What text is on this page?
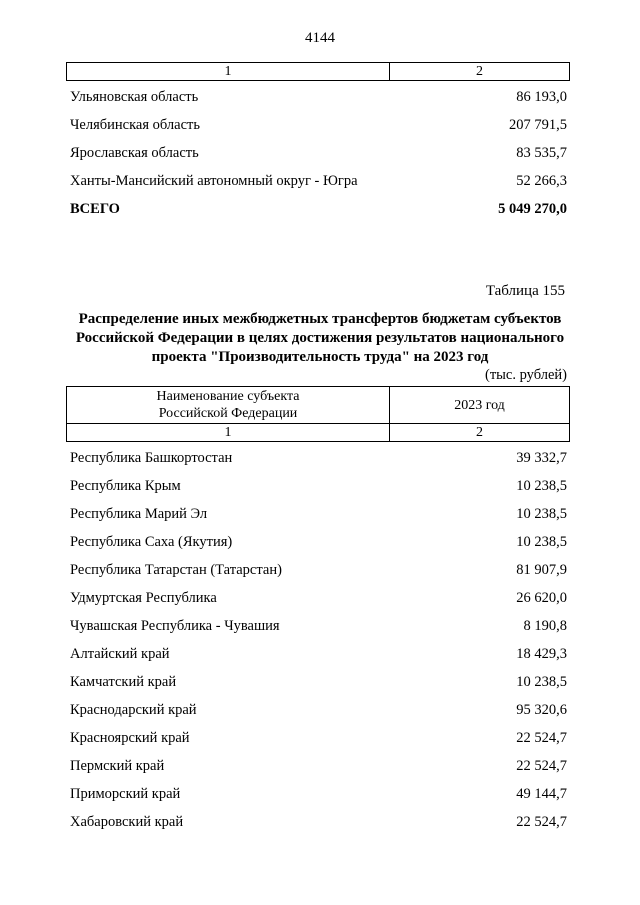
4144
1	2
Ульяновская область	86 193,0
Челябинская область	207 791,5
Ярославская область	83 535,7
Ханты-Мансийский автономный округ - Югра	52 266,3
ВСЕГО	5 049 270,0
Таблица 155
Распределение иных межбюджетных трансфертов бюджетам субъектов
Российской Федерации в целях достижения результатов национального
проекта "Производительность труда" на 2023 год
(тыс. рублей)
Наименование субъекта
Российской Федерации	2023 год
1	2
Республика Башкортостан	39 332,7
Республика Крым	10 238,5
Республика Марий Эл	10 238,5
Республика Саха (Якутия)	10 238,5
Республика Татарстан (Татарстан)	81 907,9
Удмуртская Республика	26 620,0
Чувашская Республика - Чувашия	8 190,8
Алтайский край	18 429,3
Камчатский край	10 238,5
Краснодарский край	95 320,6
Красноярский край	22 524,7
Пермский край	22 524,7
Приморский край	49 144,7
Хабаровский край	22 524,7
